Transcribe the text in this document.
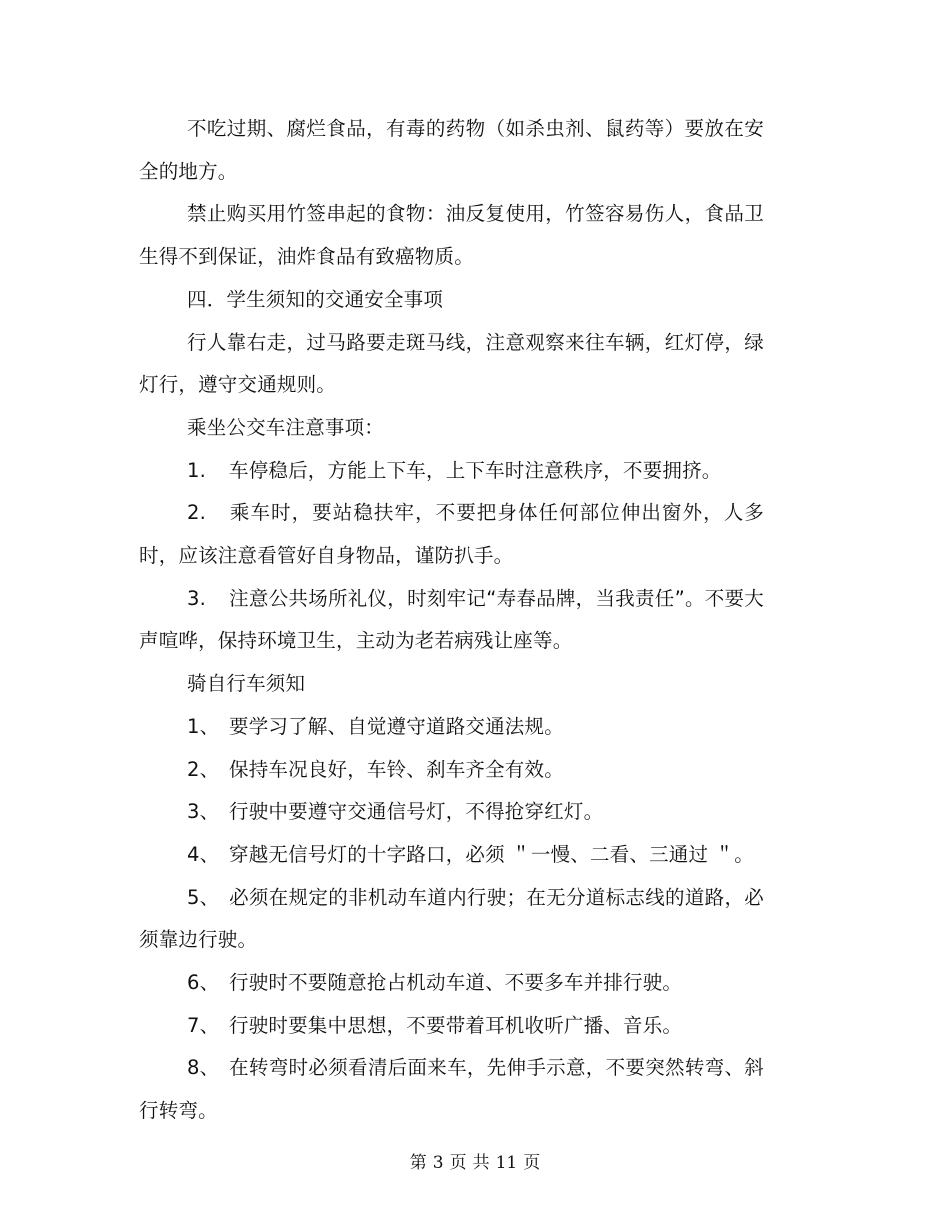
不吃过期、腐烂食品，有毒的药物（如杀虫剂、鼠药等）要放在安全的地方。

禁止购买用竹签串起的食物：油反复使用，竹签容易伤人，食品卫生得不到保证，油炸食品有致癌物质。

四．学生须知的交通安全事项

行人靠右走，过马路要走斑马线，注意观察来往车辆，红灯停，绿灯行，遵守交通规则。

乘坐公交车注意事项：

1. 车停稳后，方能上下车，上下车时注意秩序，不要拥挤。

2. 乘车时，要站稳扶牢，不要把身体任何部位伸出窗外，人多时，应该注意看管好自身物品，谨防扒手。

3. 注意公共场所礼仪，时刻牢记“寿春品牌，当我责任”。不要大声喧哗，保持环境卫生，主动为老若病残让座等。

骑自行车须知

1、 要学习了解、自觉遵守道路交通法规。

2、 保持车况良好，车铃、刹车齐全有效。

3、 行驶中要遵守交通信号灯，不得抢穿红灯。

4、 穿越无信号灯的十字路口，必须 ＂一慢、二看、三通过 ＂。

5、 必须在规定的非机动车道内行驶；在无分道标志线的道路，必须靠边行驶。

6、 行驶时不要随意抢占机动车道、不要多车并排行驶。

7、 行驶时要集中思想，不要带着耳机收听广播、音乐。

8、 在转弯时必须看清后面来车，先伸手示意，不要突然转弯、斜行转弯。

第 3 页 共 11 页
